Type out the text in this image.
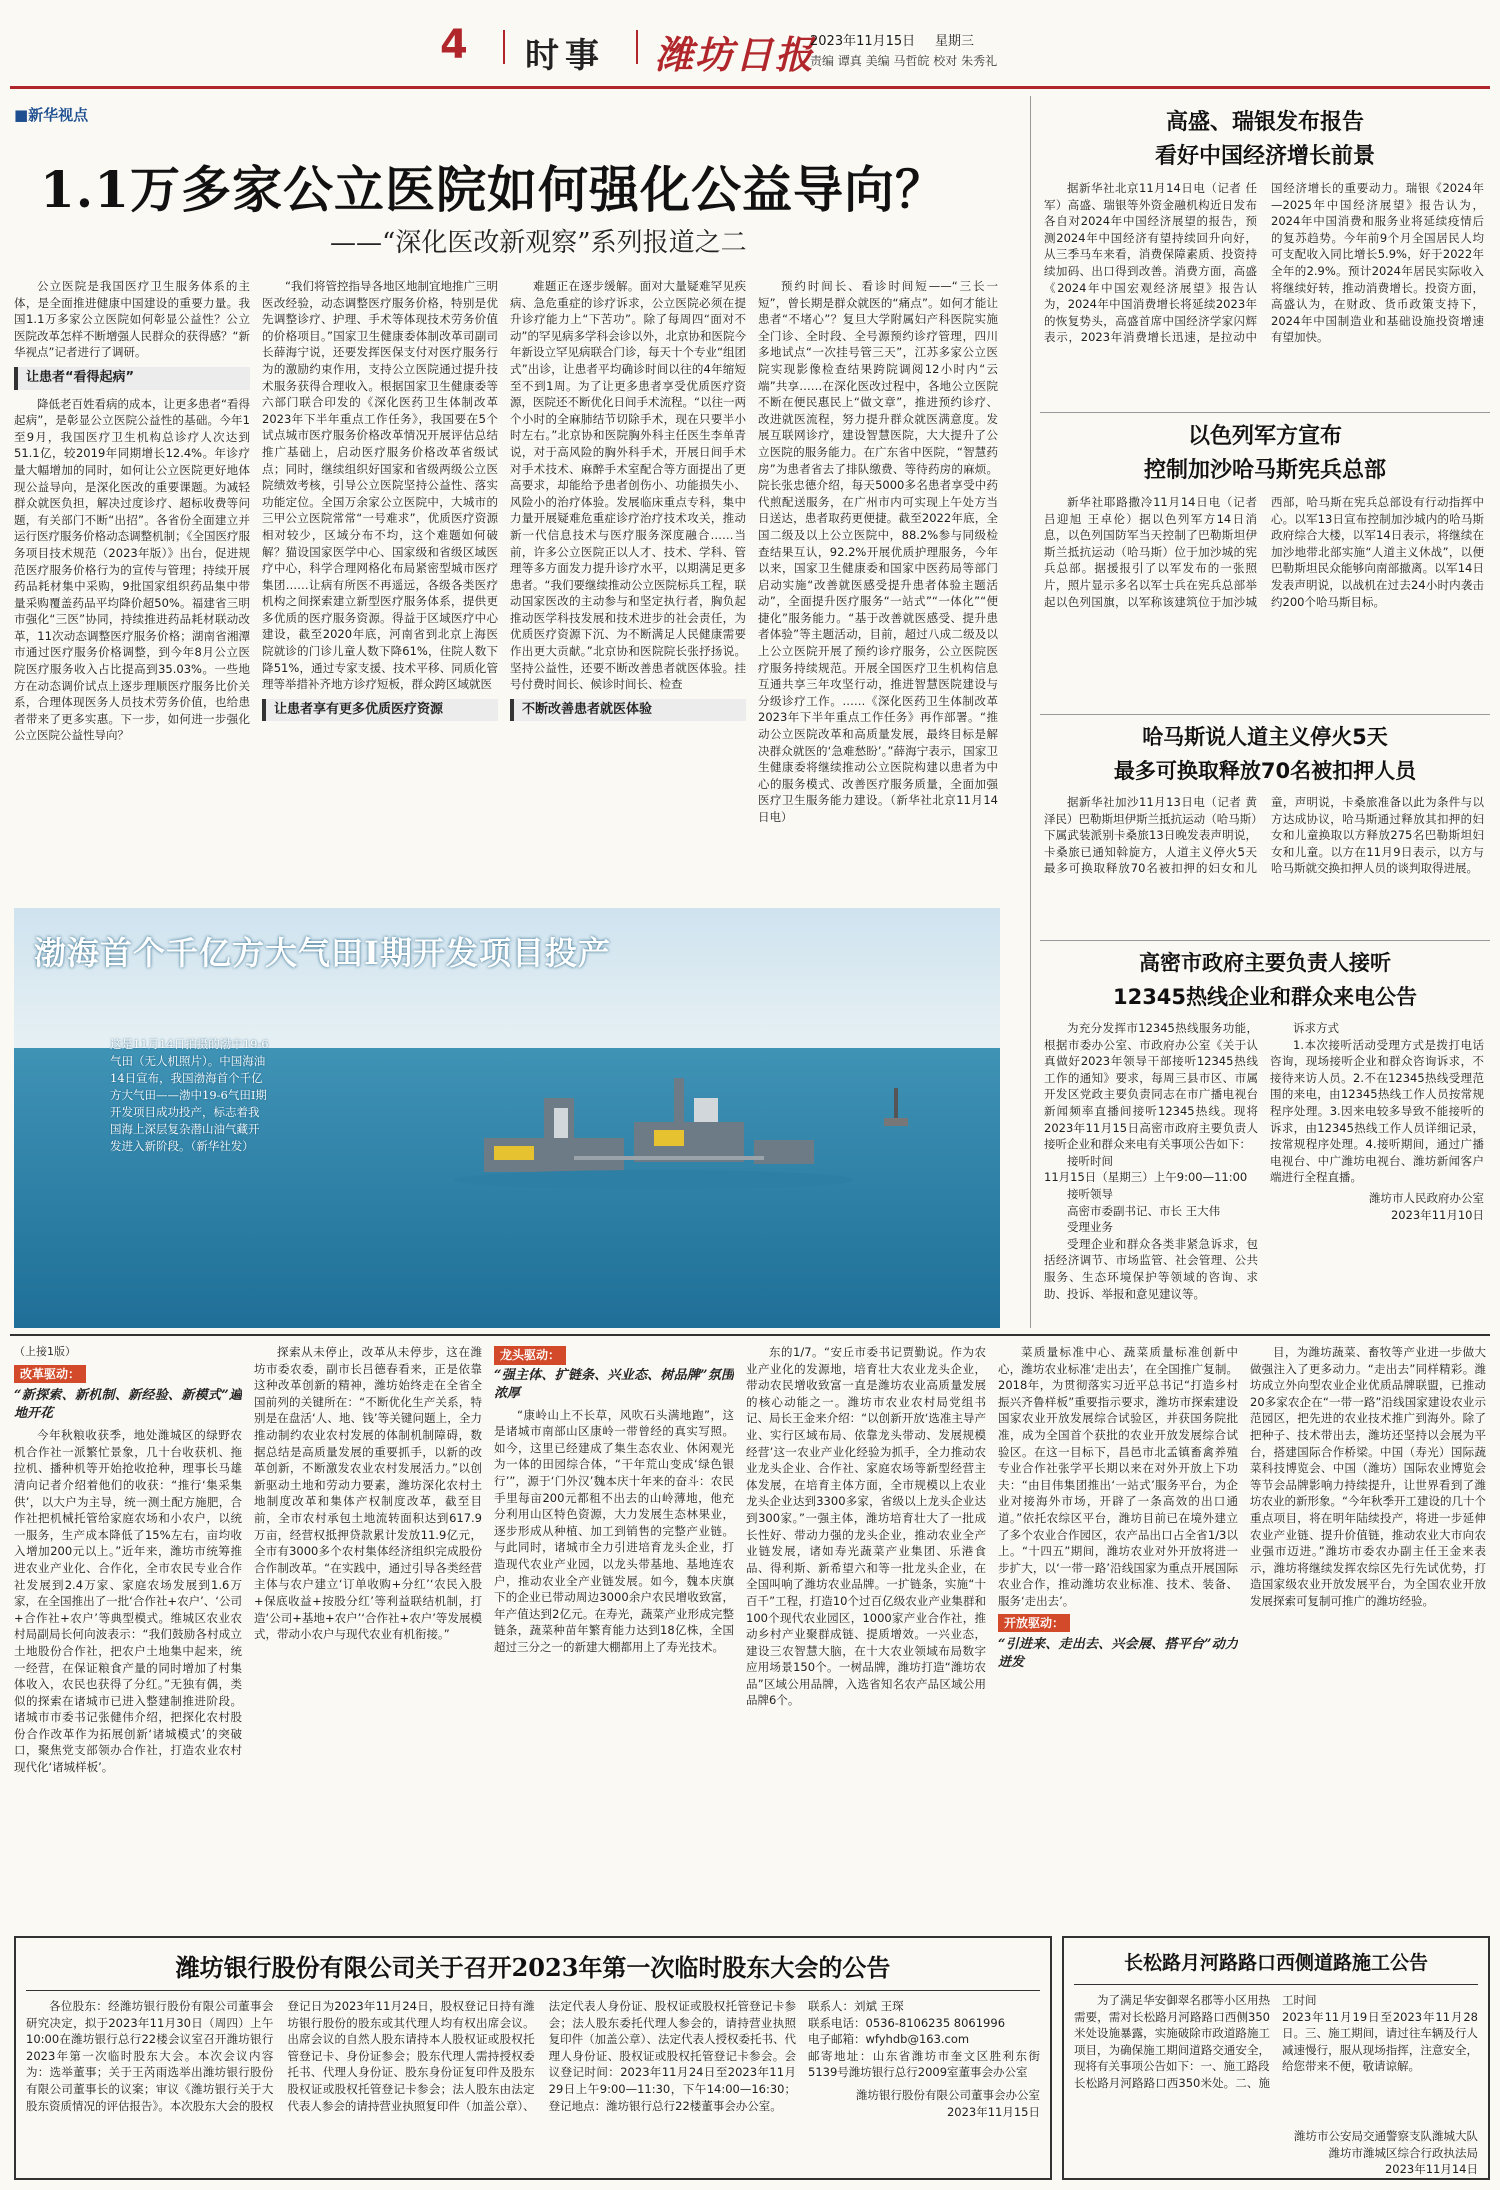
4 时事 潍坊日报
2023年11月15日 星期三
责编 谭真 美编 马哲皖 校对 朱秀礼
■新华视点
1.1万多家公立医院如何强化公益导向？
——“深化医改新观察”系列报道之二

公立医院是我国医疗卫生服务体系的主体，是全面推进健康中国建设的重要力量。我国1.1万多家公立医院如何彰显公益性？公立医院改革怎样不断增强人民群众的获得感？“新华视点”记者进行了调研。

让患者“看得起病”

降低老百姓看病的成本，让更多患者“看得起病”，是彰显公立医院公益性的基础。今年1至9月，我国医疗卫生机构总诊疗人次达到51.1亿，较2019年同期增长12.4%。年诊疗量大幅增加的同时，如何让公立医院更好地体现公益导向，是深化医改的重要课题。为减轻群众就医负担，解决过度诊疗、超标收费等问题，有关部门不断“出招”。各省份全面建立并运行医疗服务价格动态调整机制；《全国医疗服务项目技术规范（2023年版）》出台，促进规范医疗服务价格行为的宣传与管理；持续开展药品耗材集中采购，9批国家组织药品集中带量采购覆盖药品平均降价超50%。福建省三明市强化“三医”协同，持续推进药品耗材联动改革，11次动态调整医疗服务价格；湖南省湘潭市通过医疗服务价格调整，到今年8月公立医院医疗服务收入占比提高到35.03%。一些地方在动态调价试点上逐步理顺医疗服务比价关系，合理体现医务人员技术劳务价值，也给患者带来了更多实惠。下一步，如何进一步强化公立医院公益性导向？

“我们将管控指导各地区地制宜地推广三明医改经验，动态调整医疗服务价格，特别是优先调整诊疗、护理、手术等体现技术劳务价值的价格项目。”国家卫生健康委体制改革司副司长薛海宁说，还要发挥医保支付对医疗服务行为的激励约束作用，支持公立医院通过提升技术服务获得合理收入。根据国家卫生健康委等六部门联合印发的《深化医药卫生体制改革2023年下半年重点工作任务》，我国要在5个试点城市医疗服务价格改革情况开展评估总结推广基础上，启动医疗服务价格改革省级试点；同时，继续组织好国家和省级两级公立医院绩效考核，引导公立医院坚持公益性、落实功能定位。全国万余家公立医院中，大城市的三甲公立医院常常“一号难求”，优质医疗资源相对较少，区域分布不均，这个难题如何破解？猫设国家医学中心、国家级和省级区域医疗中心，科学合理网格化布局紧密型城市医疗集团……让病有所医不再遥远，各级各类医疗机构之间探索建立新型医疗服务体系，提供更多优质的医疗服务资源。得益于区域医疗中心建设，截至2020年底，河南省到北京上海医院就诊的门诊儿童人数下降61%，住院人数下降51%，通过专家支援、技术平移、同质化管理等举措补齐地方诊疗短板，群众跨区域就医

让患者享有更多优质医疗资源

难题正在逐步缓解。面对大量疑难罕见疾病、急危重症的诊疗诉求，公立医院必须在提升诊疗能力上“下苦功”。除了每周四“面对不动”的罕见病多学科会诊以外，北京协和医院今年新设立罕见病联合门诊，每天十个专业“组团式”出诊，让患者平均确诊时间以往的4年缩短至不到1周。为了让更多患者享受优质医疗资源，医院还不断优化日间手术流程。“以往一两个小时的全麻肺结节切除手术，现在只要半小时左右。”北京协和医院胸外科主任医生李单青说，对于高风险的胸外科手术，开展日间手术对手术技术、麻醉手术室配合等方面提出了更高要求，却能给予患者创伤小、功能损失小、风险小的治疗体验。发展临床重点专科，集中力量开展疑难危重症诊疗治疗技术攻关，推动新一代信息技术与医疗服务深度融合……当前，许多公立医院正以人才、技术、学科、管理等多方面发力提升诊疗水平，以期满足更多患者。“我们要继续推动公立医院标兵工程，联动国家医改的主动参与和坚定执行者，胸负起推动医学科技发展和技术进步的社会责任，为优质医疗资源下沉、为不断满足人民健康需要作出更大贡献。”北京协和医院院长张抒扬说。坚持公益性，还要不断改善患者就医体验。挂号付费时间长、候诊时间长、检查

不断改善患者就医体验

预约时间长、看诊时间短——“三长一短”，曾长期是群众就医的“痛点”。如何才能让患者“不堵心”？复旦大学附属妇产科医院实施全门诊、全时段、全号源预约诊疗管理，四川多地试点“一次挂号管三天”，江苏多家公立医院实现影像检查结果跨院调阅12小时内“云端”共享……在深化医改过程中，各地公立医院不断在便民惠民上“做文章”，推进预约诊疗、改进就医流程，努力提升群众就医满意度。发展互联网诊疗，建设智慧医院，大大提升了公立医院的服务能力。在广东省中医院，“智慧药房”为患者省去了排队缴费、等待药房的麻烦。院长张忠德介绍，每天5000多名患者享受中药代煎配送服务，在广州市内可实现上午处方当日送达，患者取药更便捷。截至2022年底，全国二级及以上公立医院中，88.2%参与同级检查结果互认，92.2%开展优质护理服务，今年以来，国家卫生健康委和国家中医药局等部门启动实施“改善就医感受提升患者体验主题活动”，全面提升医疗服务“一站式”“一体化”“便捷化”服务能力。“基于改善就医感受、提升患者体验”等主题活动，目前，超过八成二级及以上公立医院开展了预约诊疗服务，公立医院医疗服务持续规范。开展全国医疗卫生机构信息互通共享三年攻坚行动，推进智慧医院建设与分级诊疗工作。……《深化医药卫生体制改革2023年下半年重点工作任务》再作部署。“推动公立医院改革和高质量发展，最终目标是解决群众就医的‘急难愁盼’。”薛海宁表示，国家卫生健康委将继续推动公立医院构建以患者为中心的服务模式、改善医疗服务质量，全面加强医疗卫生服务能力建设。（新华社北京11月14日电）

渤海首个千亿方大气田Ⅰ期开发项目投产
这是11月14日拍摄的渤中19-6气田（无人机照片）。中国海油14日宣布，我国渤海首个千亿方大气田——渤中19-6气田Ⅰ期开发项目成功投产，标志着我国海上深层复杂潜山油气藏开发进入新阶段。（新华社发）
高盛、瑞银发布报告
看好中国经济增长前景
据新华社北京11月14日电（记者 任军）高盛、瑞银等外资金融机构近日发布各自对2024年中国经济展望的报告，预测2024年中国经济有望持续回升向好，从三季马车来看，消费保障素质、投资持续加码、出口得到改善。消费方面，高盛《2024年中国宏观经济展望》报告认为，2024年中国消费增长将延续2023年的恢复势头，高盛首席中国经济学家闪辉表示，2023年消费增长迅速，是拉动中国经济增长的重要动力。瑞银《2024年—2025年中国经济展望》报告认为，2024年中国消费和服务业将延续疫情后的复苏趋势。今年前9个月全国居民人均可支配收入同比增长5.9%，好于2022年全年的2.9%。预计2024年居民实际收入将继续好转，推动消费增长。投资方面，高盛认为，在财政、货币政策支持下，2024年中国制造业和基础设施投资增速有望加快。
以色列军方宣布
控制加沙哈马斯宪兵总部
新华社耶路撒冷11月14日电（记者 吕迎旭 王卓伦）据以色列军方14日消息，以色列国防军当天控制了巴勒斯坦伊斯兰抵抗运动（哈马斯）位于加沙城的宪兵总部。据援报引了以军发布的一张照片，照片显示多名以军士兵在宪兵总部举起以色列国旗，以军称该建筑位于加沙城西部，哈马斯在宪兵总部设有行动指挥中心。以军13日宣布控制加沙城内的哈马斯政府综合大楼，以军14日表示，将继续在加沙地带北部实施“人道主义休战”，以便巴勒斯坦民众能够向南部撤离。以军14日发表声明说，以战机在过去24小时内袭击约200个哈马斯目标。
哈马斯说人道主义停火5天
最多可换取释放70名被扣押人员
据新华社加沙11月13日电（记者 黄泽民）巴勒斯坦伊斯兰抵抗运动（哈马斯）下属武装派别卡桑旅13日晚发表声明说，卡桑旅已通知斡旋方，人道主义停火5天最多可换取释放70名被扣押的妇女和儿童，声明说，卡桑旅准备以此为条件与以方达成协议，哈马斯通过释放其扣押的妇女和儿童换取以方释放275名巴勒斯坦妇女和儿童。以方在11月9日表示，以方与哈马斯就交换扣押人员的谈判取得进展。
高密市政府主要负责人接听
12345热线企业和群众来电公告

为充分发挥市12345热线服务功能，根据市委办公室、市政府办公室《关于认真做好2023年领导干部接听12345热线工作的通知》要求，每周三县市区、市属开发区党政主要负责同志在市广播电视台新闻频率直播间接听12345热线。现将2023年11月15日高密市政府主要负责人接听企业和群众来电有关事项公告如下：

接听时间
11月15日（星期三）上午9:00—11:00
接听领导
高密市委副书记、市长 王大伟
受理业务
受理企业和群众各类非紧急诉求，包括经济调节、市场监管、社会管理、公共服务、生态环境保护等领域的咨询、求助、投诉、举报和意见建议等。
诉求方式

1.本次接听活动受理方式是拨打电话咨询，现场接听企业和群众咨询诉求，不接待来访人员。2.不在12345热线受理范围的来电，由12345热线工作人员按常规程序处理。3.因来电较多导致不能接听的诉求，由12345热线工作人员详细记录，按常规程序处理。4.接听期间，通过广播电视台、中广潍坊电视台、潍坊新闻客户端进行全程直播。

潍坊市人民政府办公室
2023年11月10日
（上接1版）
改革驱动：
“新探索、新机制、新经验、新模式”遍地开花

今年秋粮收获季，地处潍城区的绿野农机合作社一派繁忙景象，几十台收获机、拖拉机、播种机等开始抢收抢种，理事长马雄清向记者介绍着他们的收获：“推行‘集采集供’，以大户为主导，统一测土配方施肥，合作社把机械托管给家庭农场和小农户，以统一服务，生产成本降低了15%左右，亩均收入增加200元以上。”近年来，潍坊市统筹推进农业产业化、合作化，全市农民专业合作社发展到2.4万家、家庭农场发展到1.6万家，在全国推出了一批‘合作社+农户’、‘公司+合作社+农户’等典型模式。维城区农业农村局副局长何向波表示：“我们鼓励各村成立土地股份合作社，把农户土地集中起来，统一经营，在保证粮食产量的同时增加了村集体收入，农民也获得了分红。”无独有偶，类似的探索在诸城市已进入整建制推进阶段。诸城市市委书记张健伟介绍，把探化农村股份合作改革作为拓展创新‘诸城模式’的突破口，聚焦党支部领办合作社，打造农业农村现代化‘诸城样板’。

探索从未停止，改革从未停步，这在潍坊市委农委，副市长吕德春看来，正是依靠这种改革创新的精神，潍坊始终走在全省全国前列的关键所在：“不断优化生产关系，特别是在盘活‘人、地、钱’等关键问题上，全力推动制约农业农村发展的体制机制障碍，数据总结是高质量发展的重要抓手，以新的改革创新，不断激发农业农村发展活力。”以创新驱动土地和劳动力要素，潍坊深化农村土地制度改革和集体产权制度改革，截至目前，全市农村承包土地流转面积达到617.9万亩，经营权抵押贷款累计发放11.9亿元，全市有3000多个农村集体经济组织完成股份合作制改革。“在实践中，通过引导各类经营主体与农户建立‘订单收购+分红’‘农民入股+保底收益+按股分红’等利益联结机制，打造‘公司+基地+农户’‘合作社+农户’等发展模式，带动小农户与现代农业有机衔接。”

龙头驱动：
“强主体、扩链条、兴业态、树品牌”氛围浓厚

“康岭山上不长草，风吹石头满地跑”，这是诸城市南部山区康岭一带曾经的真实写照。如今，这里已经建成了集生态农业、休闲观光为一体的田园综合体，“干年荒山变成‘绿色银行’”，源于‘门外汉’魏本庆十年来的奋斗：农民手里每亩200元都租不出去的山岭薄地，他充分利用山区特色资源，大力发展生态林果业，逐步形成从种植、加工到销售的完整产业链。与此同时，诸城市全力引进培育龙头企业，打造现代农业产业园，以龙头带基地、基地连农户，推动农业全产业链发展。如今，魏本庆旗下的企业已带动周边3000余户农民增收致富，年产值达到2亿元。在寿光，蔬菜产业形成完整链条，蔬菜种苗年繁育能力达到18亿株，全国超过三分之一的新建大棚都用上了寿光技术。

东的1/7。“安丘市委书记贾勤说。作为农业产业化的发源地，培育壮大农业龙头企业，带动农民增收致富一直是潍坊农业高质量发展的核心动能之一。潍坊市农业农村局党组书记、局长王金来介绍：“以创新开放‘选准主导产业、实行区域布局、依靠龙头带动、发展规模经营’这一农业产业化经验为抓手，全力推动农业龙头企业、合作社、家庭农场等新型经营主体发展，在培育主体方面，全市规模以上农业龙头企业达到3300多家，省级以上龙头企业达到300家。”一强主体，潍坊培育壮大了一批成长性好、带动力强的龙头企业，推动农业全产业链发展，诸如寿光蔬菜产业集团、乐港食品、得利斯、新希望六和等一批龙头企业，在全国叫响了潍坊农业品牌。一扩链条，实施“十百千”工程，打造10个过百亿级农业产业集群和100个现代农业园区，1000家产业合作社，推动乡村产业聚群成链、提质增效。一兴业态，建设三农智慧大脑，在十大农业领域布局数字应用场景150个。一树品牌，潍坊打造“潍坊农品”区域公用品牌，入选省知名农产品区域公用品牌6个。

菜质量标准中心、蔬菜质量标准创新中心，潍坊农业标准‘走出去’，在全国推广复制。2018年，为贯彻落实习近平总书记“打造乡村振兴齐鲁样板”重要指示要求，潍坊市探索建设国家农业开放发展综合试验区，并获国务院批准，成为全国首个获批的农业开放发展综合试验区。在这一目标下，昌邑市北孟镇畜禽养殖专业合作社张学平长期以来在对外开放上下功夫：“由目伟集团推出‘一站式’服务平台，为企业对接海外市场，开辟了一条高效的出口通道。”依托农综区平台，潍坊目前已在境外建立了多个农业合作园区，农产品出口占全省1/3以上。“十四五”期间，潍坊农业对外开放将进一步扩大，以‘一带一路’沿线国家为重点开展国际农业合作，推动潍坊农业标准、技术、装备、服务‘走出去’。

开放驱动：
“引进来、走出去、兴会展、搭平台”动力迸发

目，为潍坊蔬菜、畜牧等产业进一步做大做强注入了更多动力。“走出去”同样精彩。潍坊成立外向型农业企业优质品牌联盟，已推动20多家农企在“一带一路”沿线国家建设农业示范园区，把先进的农业技术推广到海外。除了把种子、技术带出去，潍坊还坚持以会展为平台，搭建国际合作桥梁。中国（寿光）国际蔬菜科技博览会、中国（潍坊）国际农业博览会等节会品牌影响力持续提升，让世界看到了潍坊农业的新形象。“今年秋季开工建设的几十个重点项目，将在明年陆续投产，将进一步延伸农业产业链、提升价值链，推动农业大市向农业强市迈进。”潍坊市委农办副主任王金来表示，潍坊将继续发挥农综区先行先试优势，打造国家级农业开放发展平台，为全国农业开放发展探索可复制可推广的潍坊经验。

潍坊银行股份有限公司关于召开2023年第一次临时股东大会的公告
各位股东：经潍坊银行股份有限公司董事会研究决定，拟于2023年11月30日（周四）上午10:00在潍坊银行总行22楼会议室召开潍坊银行2023年第一次临时股东大会。本次会议内容为：选举董事；关于王芮雨选举出潍坊银行股份有限公司董事长的议案；审议《潍坊银行关于大股东资质情况的评估报告》。本次股东大会的股权登记日为2023年11月24日，股权登记日持有潍坊银行股份的股东或其代理人均有权出席会议。出席会议的自然人股东请持本人股权证或股权托管登记卡、身份证参会；股东代理人需持授权委托书、代理人身份证、股东身份证复印件及股东股权证或股权托管登记卡参会；法人股东由法定代表人参会的请持营业执照复印件（加盖公章）、法定代表人身份证、股权证或股权托管登记卡参会；法人股东委托代理人参会的，请持营业执照复印件（加盖公章）、法定代表人授权委托书、代理人身份证、股权证或股权托管登记卡参会。会议登记时间：2023年11月24日至2023年11月29日上午9:00—11:30，下午14:00—16:30；登记地点：潍坊银行总行22楼董事会办公室。
联系人：刘斌 王琛
联系电话：0536-8106235 8061996
电子邮箱：wfyhdb@163.com
邮寄地址：山东省潍坊市奎文区胜利东街5139号潍坊银行总行2009室董事会办公室
潍坊银行股份有限公司董事会办公室
2023年11月15日
长松路月河路路口西侧道路施工公告
为了满足华安御翠名郡等小区用热需要，需对长松路月河路路口西侧350米处设施暴露，实施破除市政道路施工项目，为确保施工期间道路交通安全，现将有关事项公告如下：一、施工路段
长松路月河路路口西350米处。二、施工时间
2023年11月19日至2023年11月28日。三、施工期间，请过往车辆及行人减速慢行，服从现场指挥，注意安全，给您带来不便，敬请谅解。
潍坊市公安局交通警察支队潍城大队
潍坊市潍城区综合行政执法局
2023年11月14日
